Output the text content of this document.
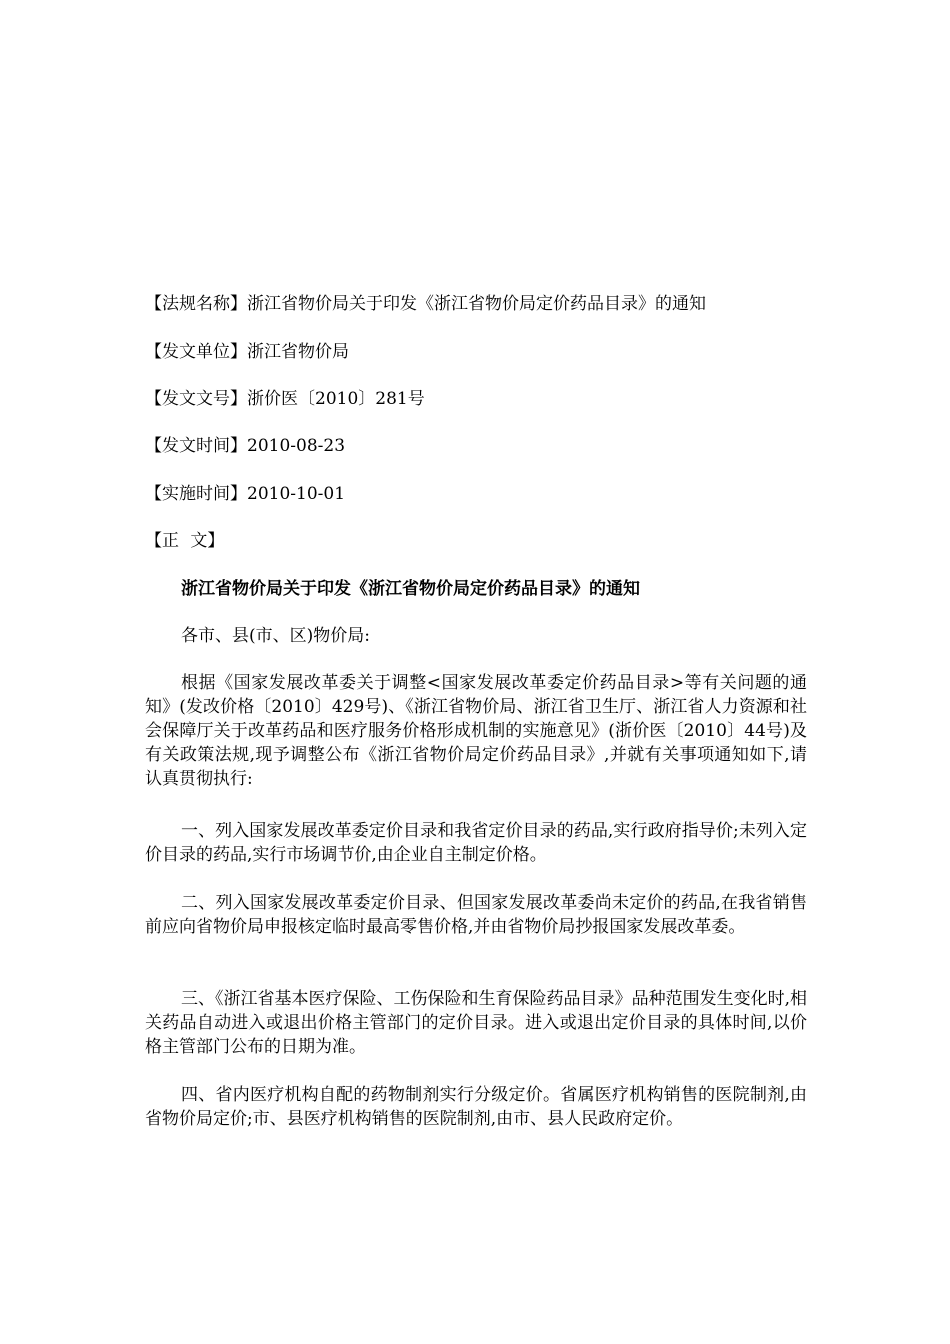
【法规名称】浙江省物价局关于印发《浙江省物价局定价药品目录》的通知
【发文单位】浙江省物价局
【发文文号】浙价医〔2010〕281号
【发文时间】2010-08-23
【实施时间】2010-10-01
【正 文】
浙江省物价局关于印发《浙江省物价局定价药品目录》的通知
各市、县(市、区)物价局:
根据《国家发展改革委关于调整<国家发展改革委定价药品目录>等有关问题的通知》(发改价格〔2010〕429号)、《浙江省物价局、浙江省卫生厅、浙江省人力资源和社会保障厅关于改革药品和医疗服务价格形成机制的实施意见》(浙价医〔2010〕44号)及有关政策法规,现予调整公布《浙江省物价局定价药品目录》,并就有关事项通知如下,请认真贯彻执行:
一、列入国家发展改革委定价目录和我省定价目录的药品,实行政府指导价;未列入定价目录的药品,实行市场调节价,由企业自主制定价格。
二、列入国家发展改革委定价目录、但国家发展改革委尚未定价的药品,在我省销售前应向省物价局申报核定临时最高零售价格,并由省物价局抄报国家发展改革委。
三、《浙江省基本医疗保险、工伤保险和生育保险药品目录》品种范围发生变化时,相关药品自动进入或退出价格主管部门的定价目录。进入或退出定价目录的具体时间,以价格主管部门公布的日期为准。
四、省内医疗机构自配的药物制剂实行分级定价。省属医疗机构销售的医院制剂,由省物价局定价;市、县医疗机构销售的医院制剂,由市、县人民政府定价。
